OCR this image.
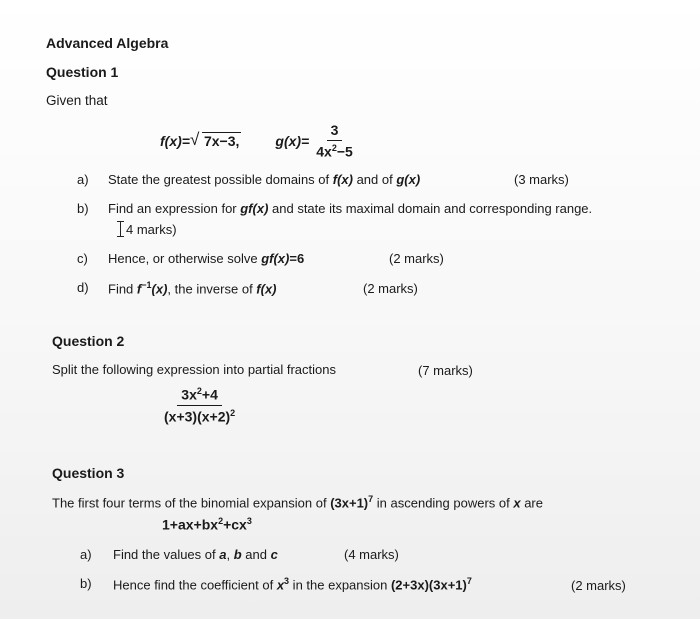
Advanced Algebra
Question 1
Given that
f(x)= √ 7x−3,	$g(x)= \frac{3}{4x^2-5}$
a) State the greatest possible domains of f(x) and of g(x)	(3 marks)
b) Find an expression for gf(x) and state its maximal domain and corresponding range.
4 marks)
c) Hence, or otherwise solve gf(x)=6	(2 marks)
d) Find $f^{-1}(x)$, the inverse of f(x)	(2 marks)
Question 2
Split the following expression into partial fractions	(7 marks)
$\frac{3x^2+4}{(x+3)(x+2)^2}$
Question 3
The first four terms of the binomial expansion of $(3x+1)^7$ in ascending powers of x are
$1+ax+bx^2+cx^3$
a) Find the values of a, b and c	(4 marks)
b) Hence find the coefficient of $x^3$ in the expansion $(2+3x)(3x+1)^7$	(2 marks)
